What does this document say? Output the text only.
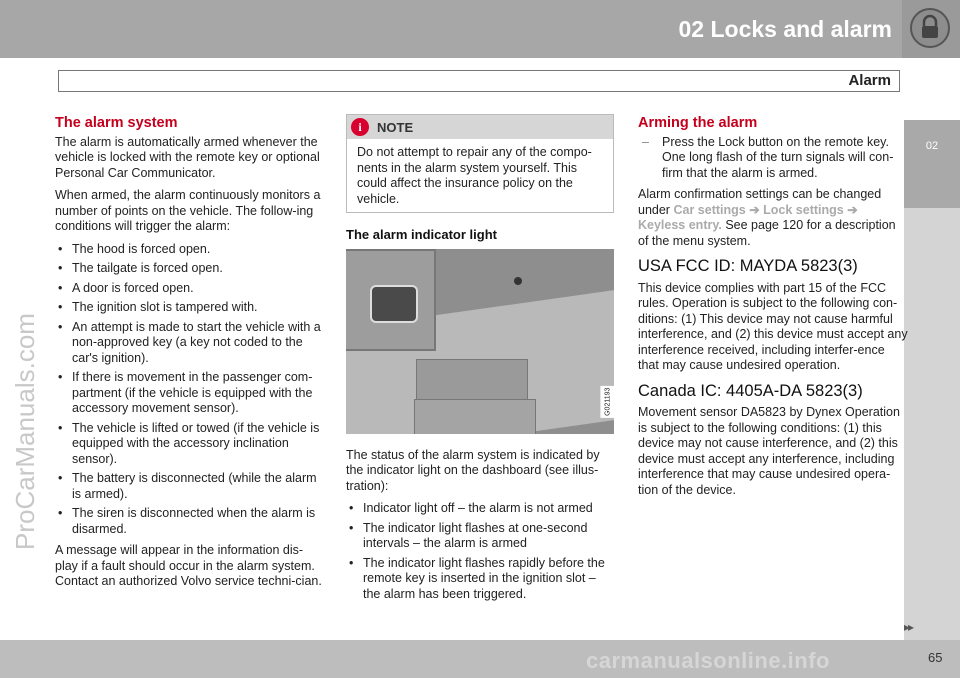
02 Locks and alarm
Alarm
02
ProCarManuals.com
The alarm system

The alarm is automatically armed whenever the vehicle is locked with the remote key or optional Personal Car Communicator.

When armed, the alarm continuously monitors a number of points on the vehicle. The follow-ing conditions will trigger the alarm:

• The hood is forced open.
• The tailgate is forced open.
• A door is forced open.
• The ignition slot is tampered with.
• An attempt is made to start the vehicle with a non-approved key (a key not coded to the car's ignition).
• If there is movement in the passenger com-partment (if the vehicle is equipped with the accessory movement sensor).
• The vehicle is lifted or towed (if the vehicle is equipped with the accessory inclination sensor).
• The battery is disconnected (while the alarm is armed).
• The siren is disconnected when the alarm is disarmed.

A message will appear in the information dis-play if a fault should occur in the alarm system. Contact an authorized Volvo service techni-cian.

i	NOTE
Do not attempt to repair any of the compo-nents in the alarm system yourself. This could affect the insurance policy on the vehicle.
The alarm indicator light
G021193

The status of the alarm system is indicated by the indicator light on the dashboard (see illus-tration):

• Indicator light off – the alarm is not armed
• The indicator light flashes at one-second intervals – the alarm is armed
• The indicator light flashes rapidly before the remote key is inserted in the ignition slot – the alarm has been triggered.
Arming the alarm
– Press the Lock button on the remote key. One long flash of the turn signals will con-firm that the alarm is armed.

Alarm confirmation settings can be changed under Car settings ➔ Lock settings ➔ Keyless entry. See page 120 for a description of the menu system.

USA FCC ID: MAYDA 5823(3)

This device complies with part 15 of the FCC rules. Operation is subject to the following con-ditions: (1) This device may not cause harmful interference, and (2) this device must accept any interference received, including interfer-ence that may cause undesired operation.

Canada IC: 4405A-DA 5823(3)

Movement sensor DA5823 by Dynex Operation is subject to the following conditions: (1) this device may not cause interference, and (2) this device must accept any interference, including interference that may cause undesired opera-tion of the device.

carmanualsonline.info
▸▸
65
